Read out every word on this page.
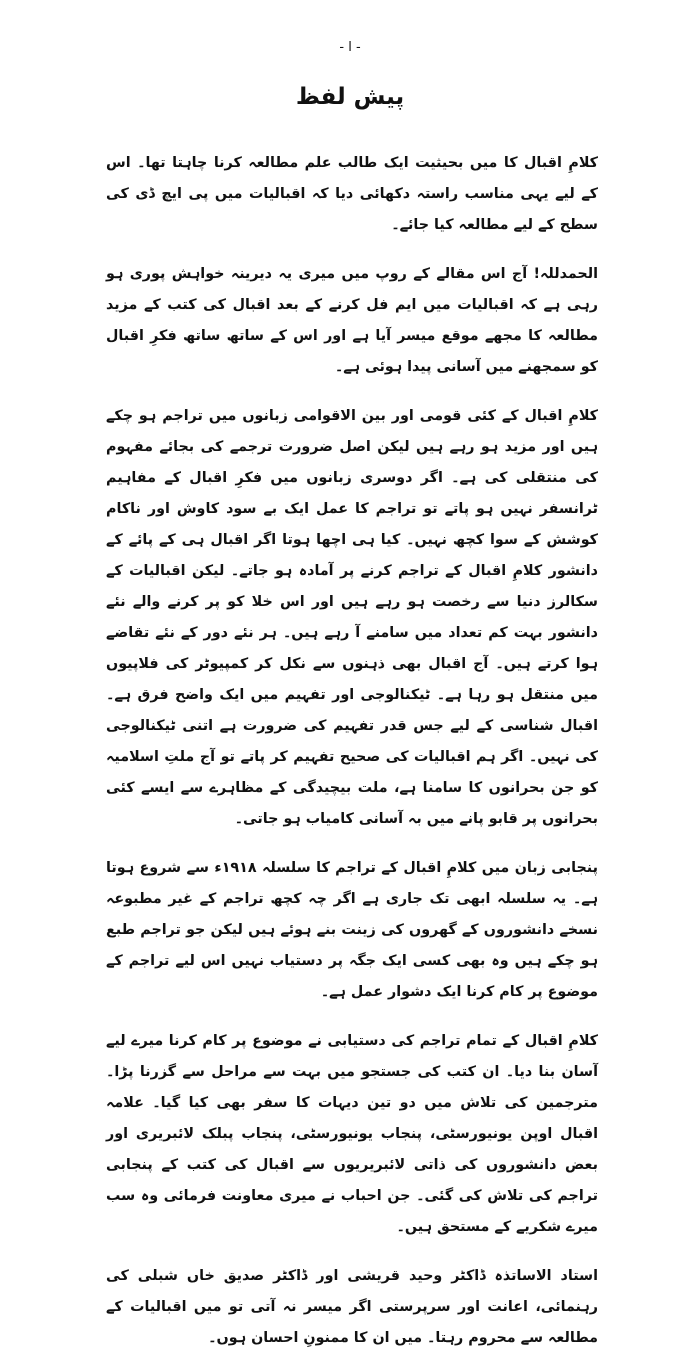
- ا -
پیش لفظ

کلامِ اقبال کا میں بحیثیت ایک طالب علم مطالعہ کرنا چاہتا تھا۔ اس کے لیے یہی مناسب راستہ دکھائی دیا کہ اقبالیات میں پی ایچ ڈی کی سطح کے لیے مطالعہ کیا جائے۔

الحمدللہ! آج اس مقالے کے روپ میں میری یہ دیرینہ خواہش پوری ہو رہی ہے کہ اقبالیات میں ایم فل کرنے کے بعد اقبال کی کتب کے مزید مطالعہ کا مجھے موقع میسر آیا ہے اور اس کے ساتھ ساتھ فکرِ اقبال کو سمجھنے میں آسانی پیدا ہوئی ہے۔

کلامِ اقبال کے کئی قومی اور بین الاقوامی زبانوں میں تراجم ہو چکے ہیں اور مزید ہو رہے ہیں لیکن اصل ضرورت ترجمے کی بجائے مفہوم کی منتقلی کی ہے۔ اگر دوسری زبانوں میں فکرِ اقبال کے مفاہیم ٹرانسفر نہیں ہو پاتے تو تراجم کا عمل ایک بے سود کاوش اور ناکام کوشش کے سوا کچھ نہیں۔ کیا ہی اچھا ہوتا اگر اقبال ہی کے پائے کے دانشور کلامِ اقبال کے تراجم کرنے پر آمادہ ہو جاتے۔ لیکن اقبالیات کے سکالرز دنیا سے رخصت ہو رہے ہیں اور اس خلا کو پر کرنے والے نئے دانشور بہت کم تعداد میں سامنے آ رہے ہیں۔ ہر نئے دور کے نئے تقاضے ہوا کرتے ہیں۔ آج اقبال بھی ذہنوں سے نکل کر کمپیوٹر کی فلاپیوں میں منتقل ہو رہا ہے۔ ٹیکنالوجی اور تفہیم میں ایک واضح فرق ہے۔ اقبال شناسی کے لیے جس قدر تفہیم کی ضرورت ہے اتنی ٹیکنالوجی کی نہیں۔ اگر ہم اقبالیات کی صحیح تفہیم کر پاتے تو آج ملتِ اسلامیہ کو جن بحرانوں کا سامنا ہے، ملت بیچیدگی کے مظاہرے سے ایسے کئی بحرانوں پر قابو پانے میں بہ آسانی کامیاب ہو جاتی۔

پنجابی زبان میں کلامِ اقبال کے تراجم کا سلسلہ ۱۹۱۸ء سے شروع ہوتا ہے۔ یہ سلسلہ ابھی تک جاری ہے اگر چہ کچھ تراجم کے غیر مطبوعہ نسخے دانشوروں کے گھروں کی زینت بنے ہوئے ہیں لیکن جو تراجم طبع ہو چکے ہیں وہ بھی کسی ایک جگہ پر دستیاب نہیں اس لیے تراجم کے موضوع پر کام کرنا ایک دشوار عمل ہے۔

کلامِ اقبال کے تمام تراجم کی دستیابی نے موضوع پر کام کرنا میرے لیے آسان بنا دیا۔ ان کتب کی جستجو میں بہت سے مراحل سے گزرنا پڑا۔ مترجمین کی تلاش میں دو تین دیہات کا سفر بھی کیا گیا۔ علامہ اقبال اوپن یونیورسٹی، پنجاب یونیورسٹی، پنجاب پبلک لائبریری اور بعض دانشوروں کی ذاتی لائبریریوں سے اقبال کی کتب کے پنجابی تراجم کی تلاش کی گئی۔ جن احباب نے میری معاونت فرمائی وہ سب میرے شکریے کے مستحق ہیں۔

استاد الاساتذہ ڈاکٹر وحید قریشی اور ڈاکٹر صدیق خاں شبلی کی رہنمائی، اعانت اور سرپرستی اگر میسر نہ آتی تو میں اقبالیات کے مطالعہ سے محروم رہتا۔ میں ان کا ممنونِ احسان ہوں۔
